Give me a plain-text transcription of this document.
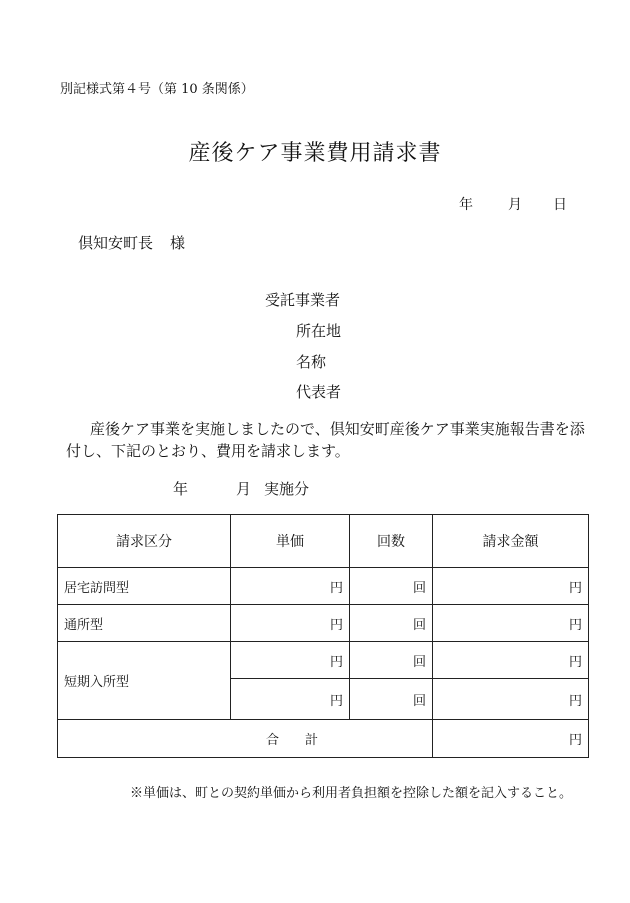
別記様式第４号（第 10 条関係）
産後ケア事業費用請求書
年	月 日
倶知安町長 様
受託事業者
所在地
名称
代表者
産後ケア事業を実施しましたので、倶知安町産後ケア事業実施報告書を添付し、下記のとおり、費用を請求します。
年	月 実施分
請求区分	単価	回数	請求金額
居宅訪問型	円	回	円
通所型	円	回	円
短期入所型	円	回	円
	円	回	円
合　　計			円
※単価は、町との契約単価から利用者負担額を控除した額を記入すること。
